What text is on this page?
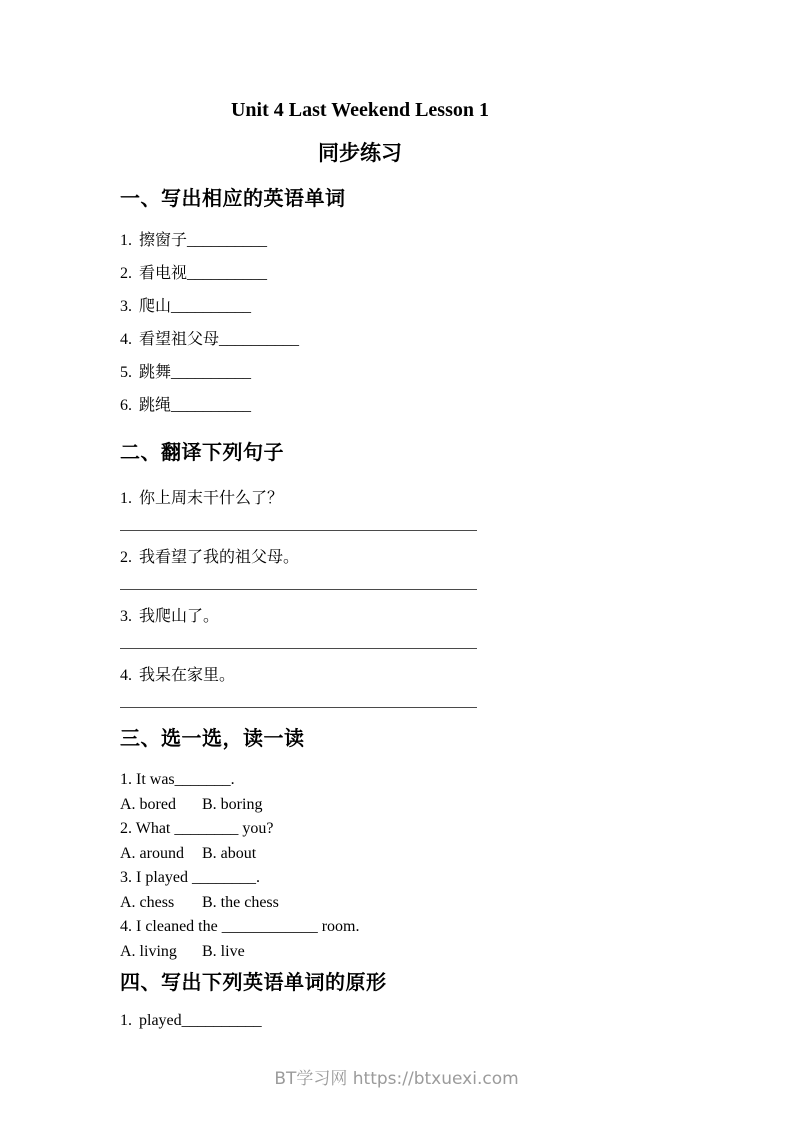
Unit 4 Last Weekend Lesson 1
同步练习
一、写出相应的英语单词
1. 擦窗子__________
2. 看电视__________
3. 爬山__________
4. 看望祖父母__________
5. 跳舞__________
6. 跳绳__________
二、翻译下列句子
1. 你上周末干什么了？
2. 我看望了我的祖父母。
3. 我爬山了。
4. 我呆在家里。
三、选一选，读一读
1. It was_______.
A. bored B. boring
2. What ________ you?
A. around B. about
3. I played ________.
A. chess B. the chess
4. I cleaned the ____________ room.
A. living B. live
四、写出下列英语单词的原形
1. played__________
BT学习网 https://btxuexi.com
